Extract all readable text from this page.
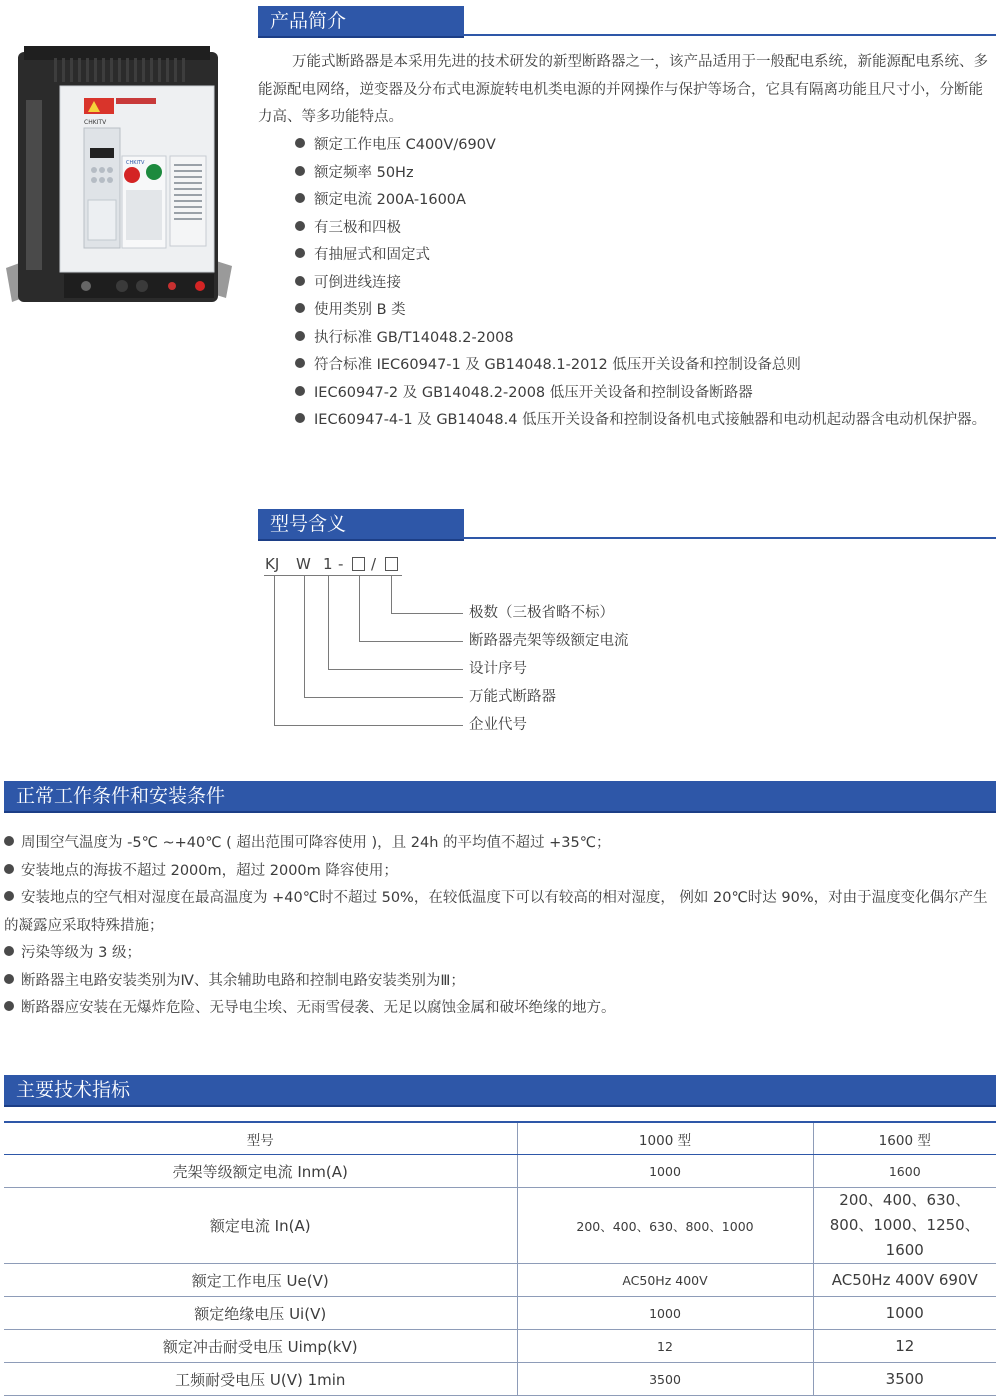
CHKITV
CHKITV
产品简介
万能式断路器是本采用先进的技术研发的新型断路器之一，该产品适用于一般配电系统，新能源配电系统、多能源配电网络，逆变器及分布式电源旋转电机类电源的并网操作与保护等场合，它具有隔离功能且尺寸小，分断能力高、等多功能特点。
额定工作电压 C400V/690V
额定频率 50Hz
额定电流 200A-1600A
有三极和四极
有抽屉式和固定式
可倒进线连接
使用类别 B 类
执行标准 GB/T14048.2-2008
符合标准 IEC60947-1 及 GB14048.1-2012 低压开关设备和控制设备总则
IEC60947-2 及 GB14048.2-2008 低压开关设备和控制设备断路器
IEC60947-4-1 及 GB14048.4 低压开关设备和控制设备机电式接触器和电动机起动器含电动机保护器。
型号含义
KJ W 1 - /
极数（三极省略不标）
断路器壳架等级额定电流
设计序号
万能式断路器
企业代号
正常工作条件和安装条件
周围空气温度为 -5℃ ~+40℃ ( 超出范围可降容使用 )，且 24h 的平均值不超过 +35℃；
安装地点的海拔不超过 2000m，超过 2000m 降容使用；
安装地点的空气相对湿度在最高温度为 +40℃时不超过 50%，在较低温度下可以有较高的相对湿度， 例如 20℃时达 90%，对由于温度变化偶尔产生的凝露应采取特殊措施；
污染等级为 3 级；
断路器主电路安装类别为Ⅳ、其余辅助电路和控制电路安装类别为Ⅲ；
断路器应安装在无爆炸危险、无导电尘埃、无雨雪侵袭、无足以腐蚀金属和破坏绝缘的地方。
主要技术指标
型号	1000 型	1600 型
壳架等级额定电流 Inm(A)	1000	1600
额定电流 In(A)	200、400、630、800、1000	200、400、630、800、1000、1250、1600
额定工作电压 Ue(V)	AC50Hz 400V	AC50Hz 400V 690V
额定绝缘电压 Ui(V)	1000	1000
额定冲击耐受电压 Uimp(kV)	12	12
工频耐受电压 U(V) 1min	3500	3500
